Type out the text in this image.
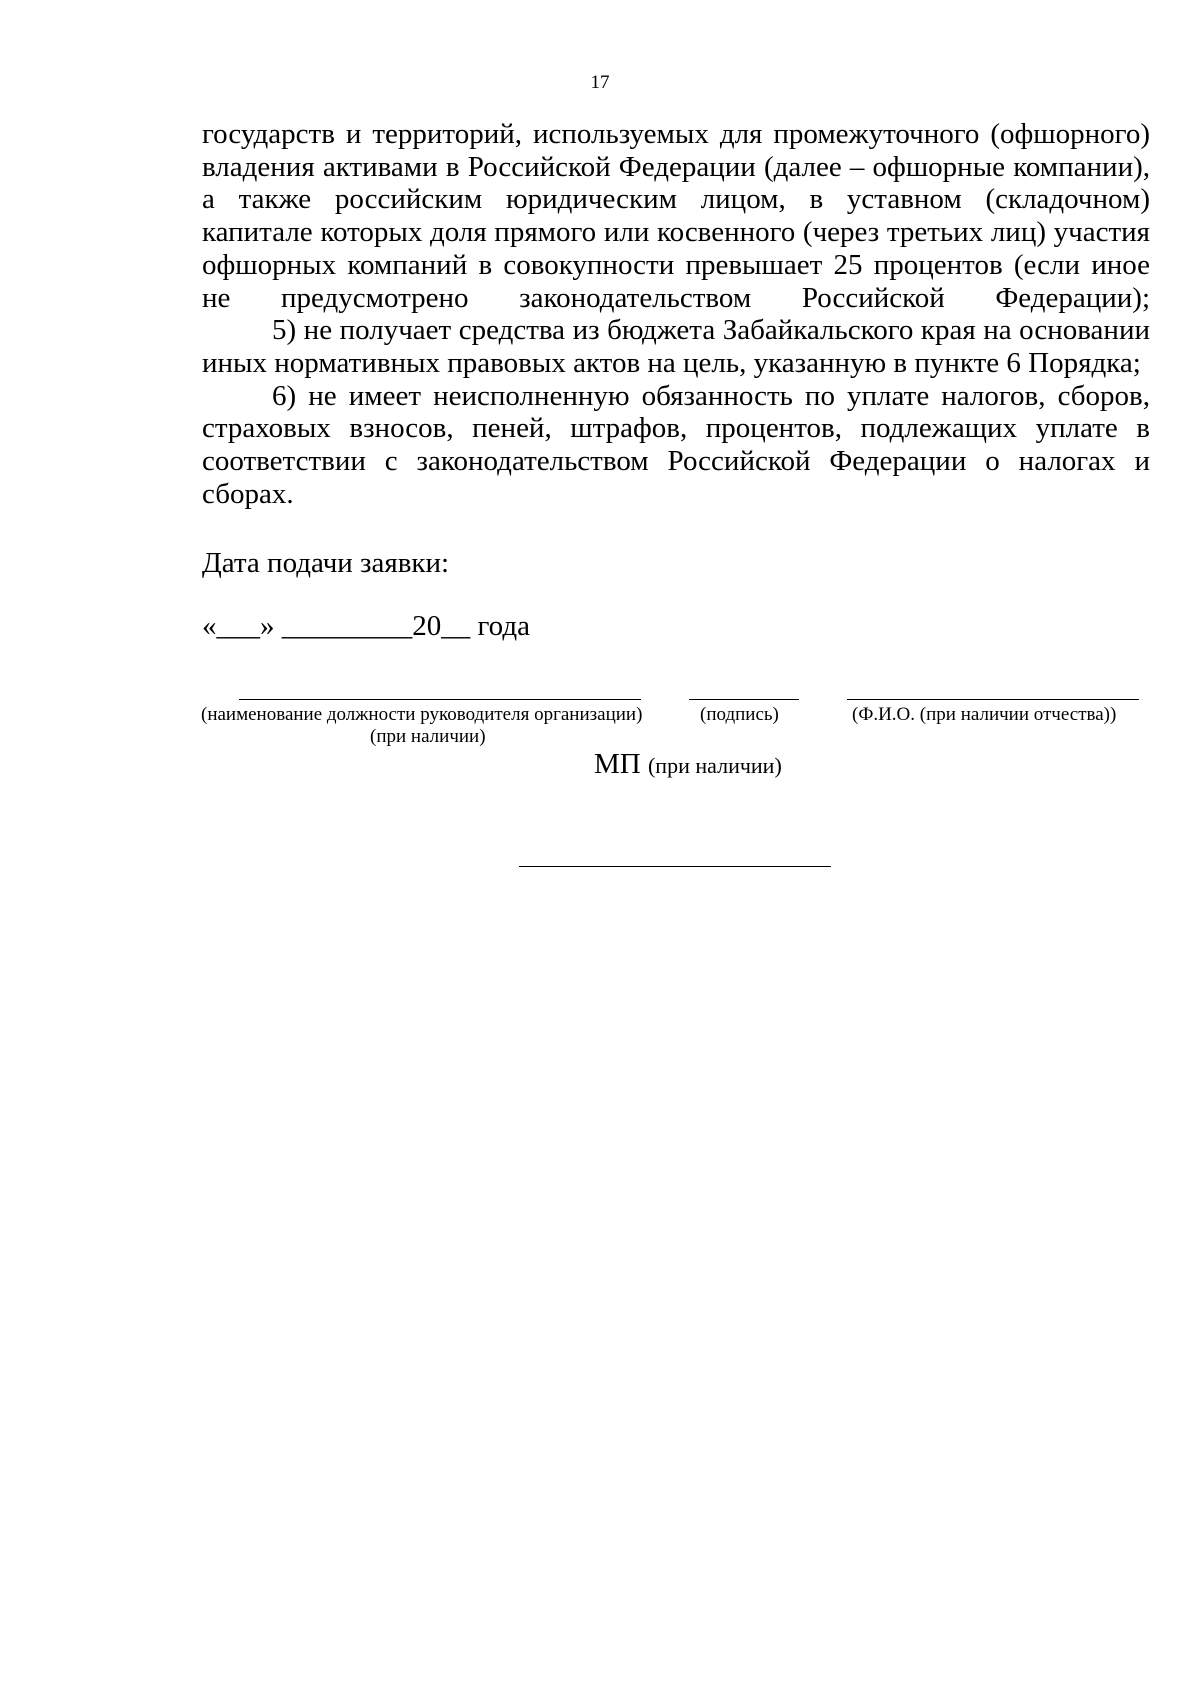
17

государств и территорий, используемых для промежуточного (офшорного) владения активами в Российской Федерации (далее – офшорные компании), а также российским юридическим лицом, в уставном (складочном) капитале которых доля прямого или косвенного (через третьих лиц) участия офшорных компаний в совокупности превышает 25 процентов (если иное не предусмотрено законодательством Российской Федерации);

5) не получает средства из бюджета Забайкальского края на основании иных нормативных правовых актов на цель, указанную в пункте 6 Порядка;

6) не имеет неисполненную обязанность по уплате налогов, сборов, страховых взносов, пеней, штрафов, процентов, подлежащих уплате в соответствии с законодательством Российской Федерации о налогах и сборах.

Дата подачи заявки:
«___» _________20__ года
(наименование должности руководителя организации)
(при наличии)
(подпись)	(Ф.И.О. (при наличии отчества))
МП (при наличии)
